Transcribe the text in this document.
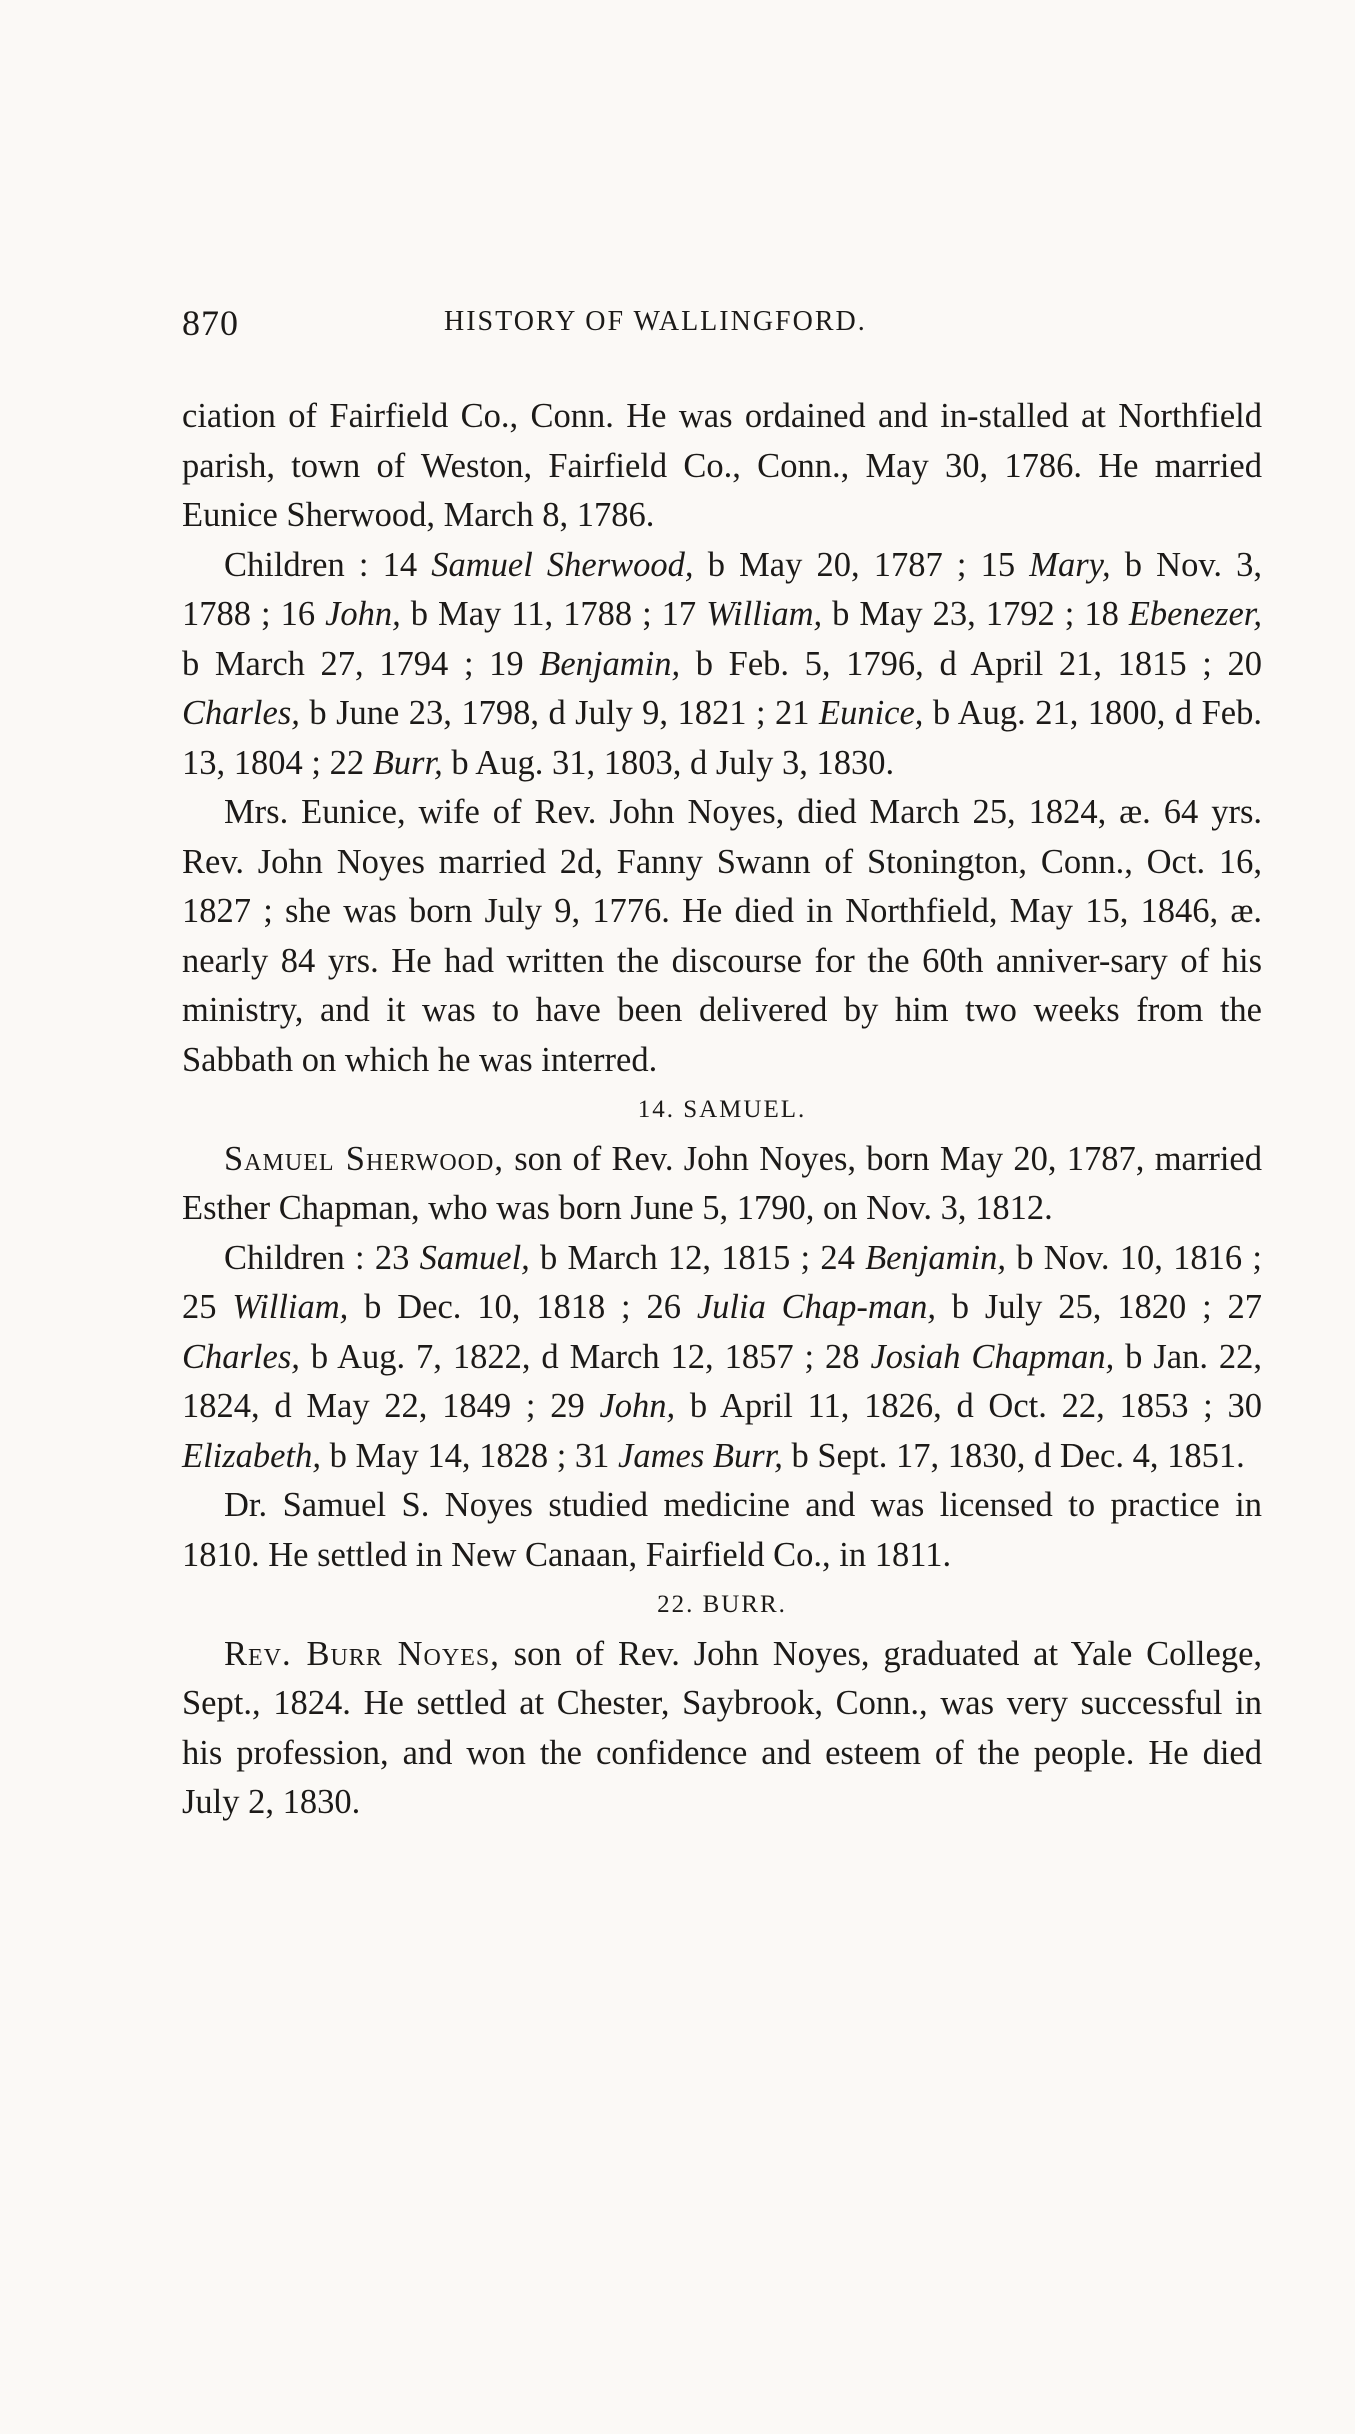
870	HISTORY OF WALLINGFORD.

ciation of Fairfield Co., Conn. He was ordained and in-stalled at Northfield parish, town of Weston, Fairfield Co., Conn., May 30, 1786. He married Eunice Sherwood, March 8, 1786.

Children : 14 Samuel Sherwood, b May 20, 1787 ; 15 Mary, b Nov. 3, 1788 ; 16 John, b May 11, 1788 ; 17 William, b May 23, 1792 ; 18 Ebenezer, b March 27, 1794 ; 19 Benjamin, b Feb. 5, 1796, d April 21, 1815 ; 20 Charles, b June 23, 1798, d July 9, 1821 ; 21 Eunice, b Aug. 21, 1800, d Feb. 13, 1804 ; 22 Burr, b Aug. 31, 1803, d July 3, 1830.

Mrs. Eunice, wife of Rev. John Noyes, died March 25, 1824, æ. 64 yrs. Rev. John Noyes married 2d, Fanny Swann of Stonington, Conn., Oct. 16, 1827 ; she was born July 9, 1776. He died in Northfield, May 15, 1846, æ. nearly 84 yrs. He had written the discourse for the 60th anniver-sary of his ministry, and it was to have been delivered by him two weeks from the Sabbath on which he was interred.

14. SAMUEL.

Samuel Sherwood, son of Rev. John Noyes, born May 20, 1787, married Esther Chapman, who was born June 5, 1790, on Nov. 3, 1812.

Children : 23 Samuel, b March 12, 1815 ; 24 Benjamin, b Nov. 10, 1816 ; 25 William, b Dec. 10, 1818 ; 26 Julia Chap-man, b July 25, 1820 ; 27 Charles, b Aug. 7, 1822, d March 12, 1857 ; 28 Josiah Chapman, b Jan. 22, 1824, d May 22, 1849 ; 29 John, b April 11, 1826, d Oct. 22, 1853 ; 30 Elizabeth, b May 14, 1828 ; 31 James Burr, b Sept. 17, 1830, d Dec. 4, 1851.

Dr. Samuel S. Noyes studied medicine and was licensed to practice in 1810. He settled in New Canaan, Fairfield Co., in 1811.

22. BURR.

Rev. Burr Noyes, son of Rev. John Noyes, graduated at Yale College, Sept., 1824. He settled at Chester, Saybrook, Conn., was very successful in his profession, and won the confidence and esteem of the people. He died July 2, 1830.
